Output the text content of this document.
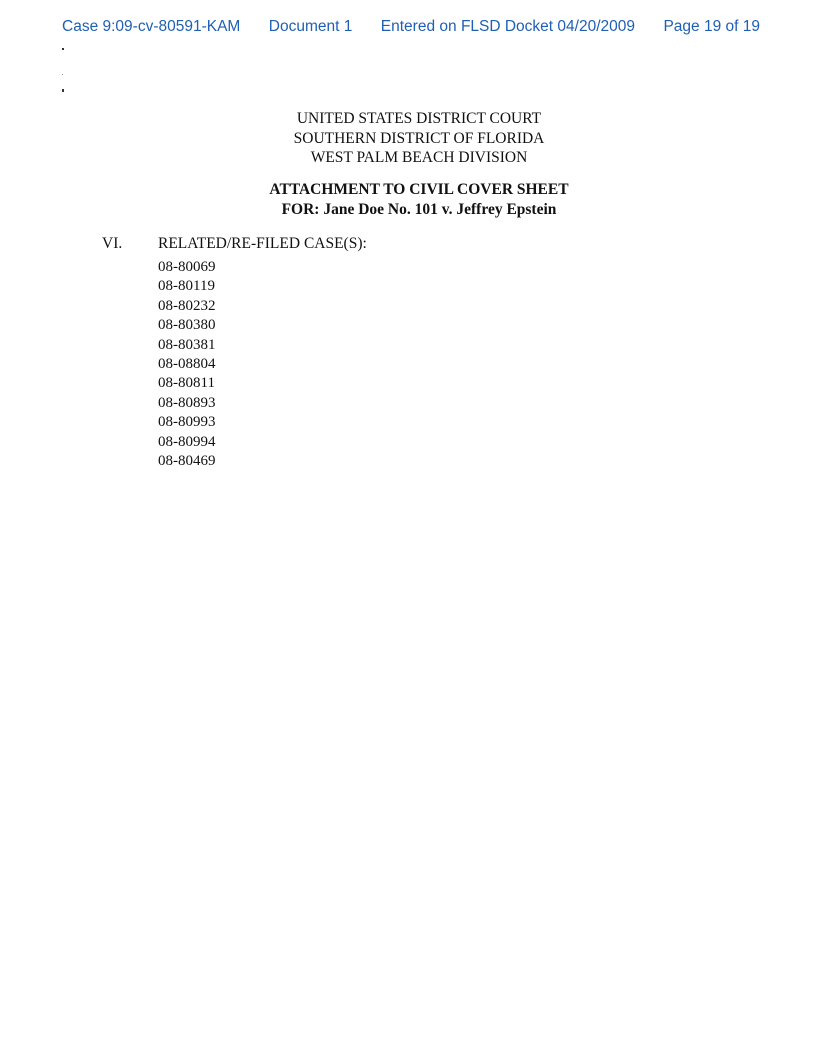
Case 9:09-cv-80591-KAM Document 1 Entered on FLSD Docket 04/20/2009 Page 19 of 19
UNITED STATES DISTRICT COURT
SOUTHERN DISTRICT OF FLORIDA
WEST PALM BEACH DIVISION
ATTACHMENT TO CIVIL COVER SHEET
FOR: Jane Doe No. 101 v. Jeffrey Epstein
VI. RELATED/RE-FILED CASE(S):
08-80069
08-80119
08-80232
08-80380
08-80381
08-08804
08-80811
08-80893
08-80993
08-80994
08-80469
